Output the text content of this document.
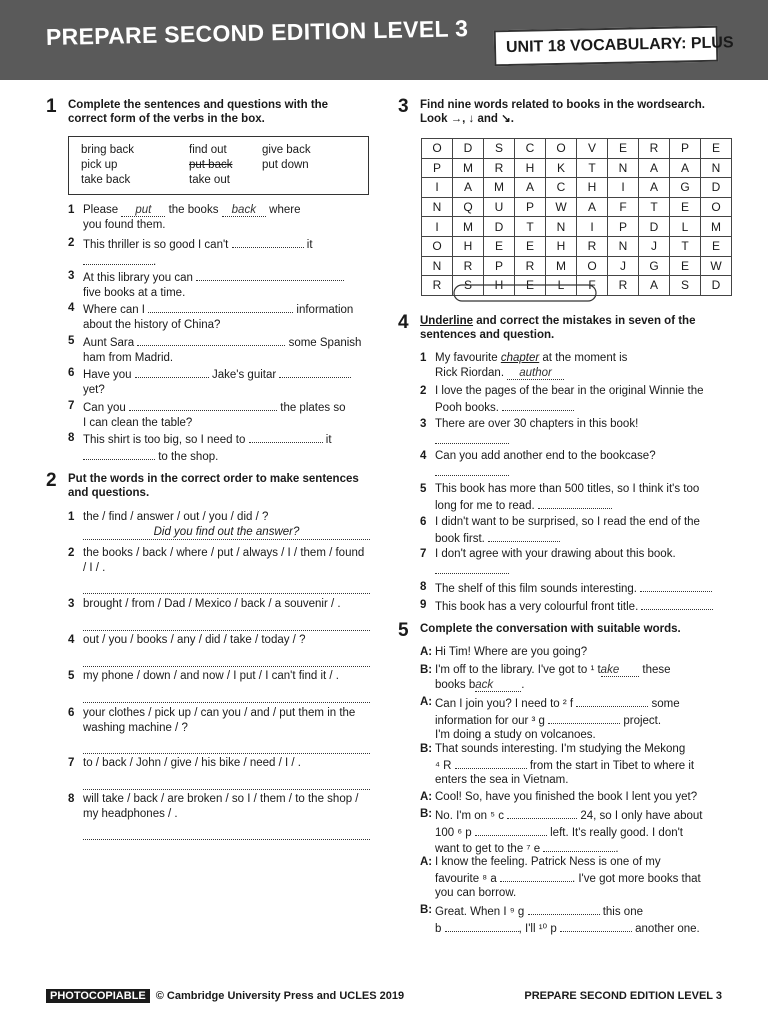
PREPARE SECOND EDITION LEVEL 3	UNIT 18 VOCABULARY: PLUS
1 Complete the sentences and questions with the correct form of the verbs in the box.
bring back
pick up
take back
find out
put back
take out
give back
put down
1 Please put the books back where
you found them.
2 This thriller is so good I can't	it
.
3 At this library you can
five books at a time.
4 Where can I	information
about the history of China?
5 Aunt Sara	some Spanish
ham from Madrid.
6 Have you	Jake's guitar
yet?
7 Can you	the plates so
I can clean the table?
8 This shirt is too big, so I need to	it
to the shop.
2 Put the words in the correct order to make sentences and questions.
1 the / find / answer / out / you / did / ?
Did you find out the answer?
2 the books / back / where / put / always / I / them / found / I / .
3 brought / from / Dad / Mexico / back / a souvenir / .
4 out / you / books / any / did / take / today / ?
5 my phone / down / and now / I put / I can't find it / .
6 your clothes / pick up / can you / and / put them in the washing machine / ?
7 to / back / John / give / his bike / need / I / .
8 will take / back / are broken / so I / them / to the shop / my headphones / .
3 Find nine words related to books in the wordsearch. Look →, ↓ and ↘.
O	D	S	C	O	V	E	R	P	E
P	M	R	H	K	T	N	A	A	N
I	A	M	A	C	H	I	A	G	D
N	Q	U	P	W	A	F	T	E	O
I	M	D	T	N	I	P	D	L	M
O	H	E	E	H	R	N	J	T	E
N	R	P	R	M	O	J	G	E	W
R	S	H	E	L	F	R	A	S	D
4 Underline and correct the mistakes in seven of the sentences and question.
1 My favourite chapter at the moment is
Rick Riordan. author
2 I love the pages of the bear in the original Winnie the
Pooh books.
3 There are over 30 chapters in this book!

4 Can you add another end to the bookcase?

5 This book has more than 500 titles, so I think it's too
long for me to read.
6 I didn't want to be surprised, so I read the end of the
book first.
7 I don't agree with your drawing about this book.

8 The shelf of this film sounds interesting.
9 This book has a very colourful front title.
5 Complete the conversation with suitable words.
A: Hi Tim! Where are you going?
B: I'm off to the library. I've got to ¹ take these
books back .
A: Can I join you? I need to ² f	some
information for our ³ g	project.
I'm doing a study on volcanoes.
B: That sounds interesting. I'm studying the Mekong
⁴ R	from the start in Tibet to where it
enters the sea in Vietnam.
A: Cool! So, have you finished the book I lent you yet?
B: No. I'm on ⁵ c	24, so I only have about
100 ⁶ p	left. It's really good. I don't
want to get to the ⁷ e	.
A: I know the feeling. Patrick Ness is one of my
favourite ⁸ a	. I've got more books that
you can borrow.
B: Great. When I ⁹ g	this one
b	, I'll ¹⁰ p	another one.
PHOTOCOPIABLE © Cambridge University Press and UCLES 2019	PREPARE SECOND EDITION LEVEL 3
